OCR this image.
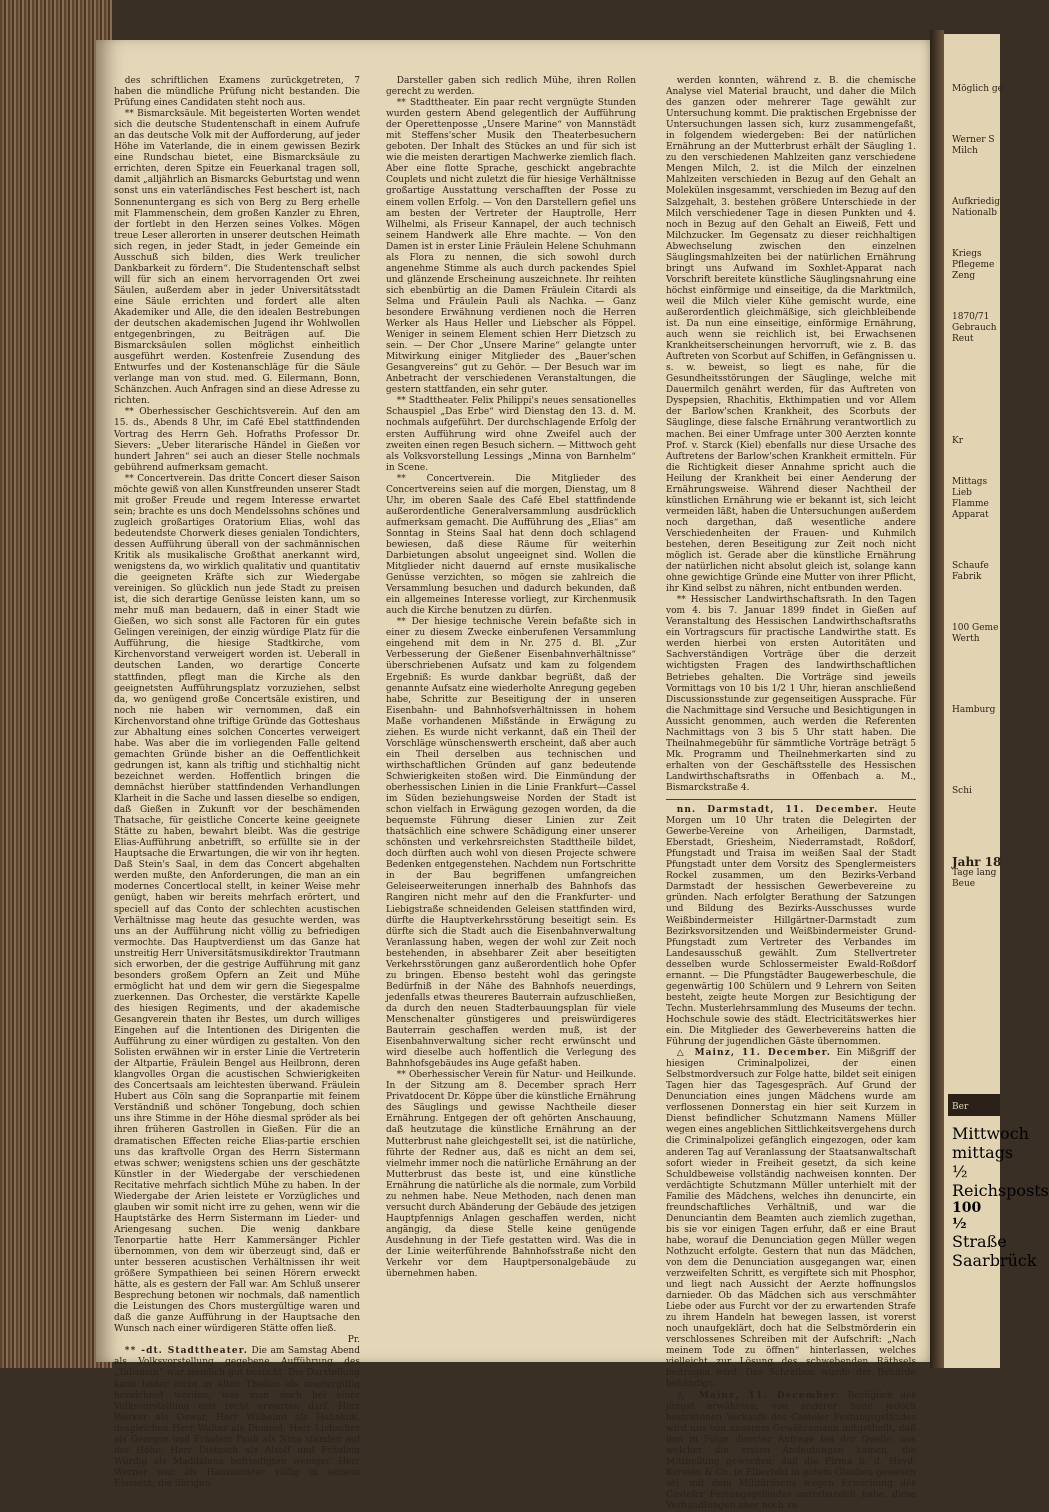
des schriftlichen Examens zurückgetreten, 7 haben die mündliche Prüfung nicht bestanden. Die Prüfung eines Candidaten steht noch aus.

** Bismarcksäule. Mit begeisterten Worten wendet sich die deutsche Studentenschaft in einem Aufrufe an das deutsche Volk mit der Aufforderung, auf jeder Höhe im Vaterlande, die in einem gewissen Bezirk eine Rundschau bietet, eine Bismarcksäule zu errichten, deren Spitze ein Feuerkanal tragen soll, damit „alljährlich an Bismarcks Geburtstag und wenn sonst uns ein vaterländisches Fest beschert ist, nach Sonnenuntergang es sich von Berg zu Berg erhelle mit Flammenschein, dem großen Kanzler zu Ehren, der fortlebt in den Herzen seines Volkes. Mögen treue Leser allerorten in unserer deutschen Heimath sich regen, in jeder Stadt, in jeder Gemeinde ein Ausschuß sich bilden, dies Werk treulicher Dankbarkeit zu fördern“. Die Studentenschaft selbst will für sich an einem hervorragenden Ort zwei Säulen, außerdem aber in jeder Universitätsstadt eine Säule errichten und fordert alle alten Akademiker und Alle, die den idealen Bestrebungen der deutschen akademischen Jugend ihr Wohlwollen entgegenbringen, zu Beiträgen auf. Die Bismarcksäulen sollen möglichst einheitlich ausgeführt werden. Kostenfreie Zusendung des Entwurfes und der Kostenanschläge für die Säule verlange man von stud. med. G. Eilermann, Bonn, Schänzchen. Auch Anfragen sind an diese Adresse zu richten.

** Oberhessischer Geschichtsverein. Auf den am 15. ds., Abends 8 Uhr, im Café Ebel stattfindenden Vortrag des Herrn Geh. Hofraths Professor Dr. Sievers: „Ueber literarische Händel in Gießen vor hundert Jahren“ sei auch an dieser Stelle nochmals gebührend aufmerksam gemacht.

** Concertverein. Das dritte Concert dieser Saison möchte gewiß von allen Kunstfreunden unserer Stadt mit großer Freude und regem Interesse erwartet sein; brachte es uns doch Mendelssohns schönes und zugleich großartiges Oratorium Elias, wohl das bedeutendste Chorwerk dieses genialen Tondichters, dessen Aufführung überall von der sachmännischen Kritik als musikalische Großthat anerkannt wird, wenigstens da, wo wirklich qualitativ und quantitativ die geeigneten Kräfte sich zur Wiedergabe vereinigen. So glücklich nun jede Stadt zu preisen ist, die sich derartige Genüsse leisten kann, um so mehr muß man bedauern, daß in einer Stadt wie Gießen, wo sich sonst alle Factoren für ein gutes Gelingen vereinigen, der einzig würdige Platz für die Aufführung, die hiesige Stadtkirche, vom Kirchenvorstand verweigert worden ist. Ueberall in deutschen Landen, wo derartige Concerte stattfinden, pflegt man die Kirche als den geeignetsten Aufführungsplatz vorzuziehen, selbst da, wo genügend große Concertsäle existiren, und noch nie haben wir vernommen, daß ein Kirchenvorstand ohne triftige Gründe das Gotteshaus zur Abhaltung eines solchen Concertes verweigert habe. Was aber die im vorliegenden Falle geltend gemachten Gründe bisher an die Oeffentlichkeit gedrungen ist, kann als triftig und stichhaltig nicht bezeichnet werden. Hoffentlich bringen die demnächst hierüber stattfindenden Verhandlungen Klarheit in die Sache und lassen dieselbe so endigen, daß Gießen in Zukunft vor der beschämenden Thatsache, für geistliche Concerte keine geeignete Stätte zu haben, bewahrt bleibt. Was die gestrige Elias-Aufführung anbetrifft, so erfüllte sie in der Hauptsache die Erwartungen, die wir von ihr hegten. Daß Stein's Saal, in dem das Concert abgehalten werden mußte, den Anforderungen, die man an ein modernes Concertlocal stellt, in keiner Weise mehr genügt, haben wir bereits mehrfach erörtert, und speciell auf das Conto der schlechten acustischen Verhältnisse mag heute das gesuchte werden, was uns an der Aufführung nicht völlig zu befriedigen vermochte. Das Hauptverdienst um das Ganze hat unstreitig Herr Universitätsmusikdirektor Trautmann sich erworben, der die gestrige Aufführung mit ganz besonders großem Opfern an Zeit und Mühe ermöglicht hat und dem wir gern die Siegespalme zuerkennen. Das Orchester, die verstärkte Kapelle des hiesigen Regiments, und der akademische Gesangverein thaten ihr Bestes, um durch williges Eingehen auf die Intentionen des Dirigenten die Aufführung zu einer würdigen zu gestalten. Von den Solisten erwähnen wir in erster Linie die Vertreterin der Altpartie, Fräulein Bengel aus Heilbronn, deren klangvolles Organ die acustischen Schwierigkeiten des Concertsaals am leichtesten überwand. Fräulein Hubert aus Cöln sang die Sopranpartie mit feinem Verständniß und schöner Tongebung, doch schien uns ihre Stimme in der Höhe diesmal spröder als bei ihren früheren Gastrollen in Gießen. Für die an dramatischen Effecten reiche Elias-partie erschien uns das kraftvolle Organ des Herrn Sistermann etwas schwer; wenigstens schien uns der geschätzte Künstler in der Wiedergabe der verschiedenen Recitative mehrfach sichtlich Mühe zu haben. In der Wiedergabe der Arien leistete er Vorzügliches und glauben wir somit nicht irre zu gehen, wenn wir die Hauptstärke des Herrn Sistermann im Lieder- und Ariengesang suchen. Die wenig dankbare Tenorpartie hatte Herr Kammersänger Pichler übernommen, von dem wir überzeugt sind, daß er unter besseren acustischen Verhältnissen ihr weit größere Sympathieen bei seinen Hörern erweckt hätte, als es gestern der Fall war. Am Schluß unserer Besprechung betonen wir nochmals, daß namentlich die Leistungen des Chors mustergültige waren und daß die ganze Aufführung in der Hauptsache den Wunsch nach einer würdigeren Stätte offen ließ.

Pr.

** -dt. Stadttheater. Die am Samstag Abend als Volksvorstellung gegebene Aufführung des „Talisman“ war ziemlich gut besucht. Die Darstellung kann leider nicht in allen Theilen als mustergiltig bezeichnet werden, was man doch bei einer Volksvorstellung erst recht erwarten darf. Herr Werker als Oswar, Herr Wilhelmi als Habakuk, desgleichen Herr Walter als Diomed, Herr Liebscher als Georgos und Fräulein Pauli als Nina standen auf der Höhe, Herr Dietzsch als Alsolf und Fräulein Würdig als Maddalena befriedigten weniger. Herr Werner war als Hausmeister völlig in seinem Element; die übrigen

Darsteller gaben sich redlich Mühe, ihren Rollen gerecht zu werden.

** Stadttheater. Ein paar recht vergnügte Stunden wurden gestern Abend gelegentlich der Aufführung der Operettenposse „Unsere Marine“ von Mannstädt mit Steffens'scher Musik den Theaterbesuchern geboten. Der Inhalt des Stückes an und für sich ist wie die meisten derartigen Machwerke ziemlich flach. Aber eine flotte Sprache, geschickt angebrachte Couplets und nicht zuletzt die für hiesige Verhältnisse großartige Ausstattung verschafften der Posse zu einem vollen Erfolg. — Von den Darstellern gefiel uns am besten der Vertreter der Hauptrolle, Herr Wilhelmi, als Friseur Kannapel, der auch technisch seinem Handwerk alle Ehre machte. — Von den Damen ist in erster Linie Fräulein Helene Schuhmann als Flora zu nennen, die sich sowohl durch angenehme Stimme als auch durch packendes Spiel und glänzende Erscheinung auszeichnete. Ihr reihten sich ebenbürtig an die Damen Fräulein Citardi als Selma und Fräulein Pauli als Nachka. — Ganz besondere Erwähnung verdienen noch die Herren Werker als Haus Heller und Liebscher als Föppel. Weniger in seinem Element schien Herr Dietzsch zu sein. — Der Chor „Unsere Marine“ gelangte unter Mitwirkung einiger Mitglieder des „Bauer'schen Gesangvereins“ gut zu Gehör. — Der Besuch war im Anbetracht der verschiedenen Veranstaltungen, die gestern stattfanden, ein sehr guter.

** Stadttheater. Felix Philippi's neues sensationelles Schauspiel „Das Erbe“ wird Dienstag den 13. d. M. nochmals aufgeführt. Der durchschlagende Erfolg der ersten Aufführung wird ohne Zweifel auch der zweiten einen regen Besuch sichern. — Mittwoch geht als Volksvorstellung Lessings „Minna von Barnhelm“ in Scene.

** Concertverein. Die Mitglieder des Concertvereins seien auf die morgen, Dienstag, um 8 Uhr, im oberen Saale des Café Ebel stattfindende außerordentliche Generalversammlung ausdrücklich aufmerksam gemacht. Die Aufführung des „Elias“ am Sonntag in Steins Saal hat denn doch schlagend bewiesen, daß diese Räume für weiterhin Darbietungen absolut ungeeignet sind. Wollen die Mitglieder nicht dauernd auf ernste musikalische Genüsse verzichten, so mögen sie zahlreich die Versammlung besuchen und dadurch bekunden, daß ein allgemeines Interesse vorliegt, zur Kirchenmusik auch die Kirche benutzen zu dürfen.

** Der hiesige technische Verein befaßte sich in einer zu diesem Zwecke einberufenen Versammlung eingehend mit dem in Nr. 275 d. Bl. „Zur Verbesserung der Gießener Eisenbahnverhältnisse“ überschriebenen Aufsatz und kam zu folgendem Ergebniß: Es wurde dankbar begrüßt, daß der genannte Aufsatz eine wiederholte Anregung gegeben habe, Schritte zur Beseitigung der in unseren Eisenbahn- und Bahnhofsverhältnissen in hohem Maße vorhandenen Mißstände in Erwägung zu ziehen. Es wurde nicht verkannt, daß ein Theil der Vorschläge wünschenswerth erscheint, daß aber auch ein Theil derselben aus technischen und wirthschaftlichen Gründen auf ganz bedeutende Schwierigkeiten stoßen wird. Die Einmündung der oberhessischen Linien in die Linie Frankfurt—Cassel im Süden beziehungsweise Norden der Stadt ist schon vielfach in Erwägung gezogen worden, da die bequemste Führung dieser Linien zur Zeit thatsächlich eine schwere Schädigung einer unserer schönsten und verkehrsreichsten Stadttheile bildet, doch dürften auch wohl von diesen Projecte schwere Bedenken entgegenstehen. Nachdem nun Fortschritte in der Bau begriffenen umfangreichen Geleiseerweiterungen innerhalb des Bahnhofs das Rangiren nicht mehr auf den die Frankfurter- und Liebigstraße schneidenden Geleisen stattfinden wird, dürfte die Hauptverkehrsstörung beseitigt sein. Es dürfte sich die Stadt auch die Eisenbahnverwaltung Veranlassung haben, wegen der wohl zur Zeit noch bestehenden, in absehbarer Zeit aber beseitigten Verkehrsstörungen ganz außerordentlich hohe Opfer zu bringen. Ebenso besteht wohl das geringste Bedürfniß in der Nähe des Bahnhofs neuerdings, jedenfalls etwas theureres Bauterrain aufzuschließen, da durch den neuen Stadterbauungsplan für viele Menschenalter günstigeres und preiswürdigeres Bauterrain geschaffen werden muß, ist der Eisenbahnverwaltung sicher recht erwünscht und wird dieselbe auch hoffentlich die Verlegung des Bahnhofsgebäudes ins Auge gefaßt haben.

** Oberhessischer Verein für Natur- und Heilkunde. In der Sitzung am 8. December sprach Herr Privatdocent Dr. Köppe über die künstliche Ernährung des Säuglings und gewisse Nachtheile dieser Ernährung. Entgegen der oft gehörten Anschauung, daß heutzutage die künstliche Ernährung an der Mutterbrust nahe gleichgestellt sei, ist die natürliche, führte der Redner aus, daß es nicht an dem sei, vielmehr immer noch die natürliche Ernährung an der Mutterbrust das beste ist, und eine künstliche Ernährung die natürliche als die normale, zum Vorbild zu nehmen habe. Neue Methoden, nach denen man versucht durch Abänderung der Gebäude des jetzigen Hauptpfennigs Anlagen geschaffen werden, nicht angängig, da diese Stelle keine genügende Ausdehnung in der Tiefe gestatten wird. Was die in der Linie weiterführende Bahnhofsstraße nicht den Verkehr vor dem Hauptpersonalgebäude zu übernehmen haben.

werden konnten, während z. B. die chemische Analyse viel Material braucht, und daher die Milch des ganzen oder mehrerer Tage gewählt zur Untersuchung kommt. Die praktischen Ergebnisse der Untersuchungen lassen sich, kurz zusammengefaßt, in folgendem wiedergeben: Bei der natürlichen Ernährung an der Mutterbrust erhält der Säugling 1. zu den verschiedenen Mahlzeiten ganz verschiedene Mengen Milch, 2. ist die Milch der einzelnen Mahlzeiten verschieden in Bezug auf den Gehalt an Molekülen insgesammt, verschieden im Bezug auf den Salzgehalt, 3. bestehen größere Unterschiede in der Milch verschiedener Tage in diesen Punkten und 4. noch in Bezug auf den Gehalt an Eiweiß, Fett und Milchzucker. Im Gegensatz zu dieser reichhaltigen Abwechselung zwischen den einzelnen Säuglingsmahlzeiten bei der natürlichen Ernährung bringt uns Aufwand im Soxhlet-Apparat nach Vorschrift bereitete künstliche Säuglingsnahrung eine höchst einförmige und einseitige, da die Marktmilch, weil die Milch vieler Kühe gemischt wurde, eine außerordentlich gleichmäßige, sich gleichbleibende ist. Da nun eine einseitige, einförmige Ernährung, auch wenn sie reichlich ist, bei Erwachsenen Krankheitserscheinungen hervorruft, wie z. B. das Auftreten von Scorbut auf Schiffen, in Gefängnissen u. s. w. beweist, so liegt es nahe, für die Gesundheitsstörungen der Säuglinge, welche mit Dauermilch genährt werden, für das Auftreten von Dyspepsien, Rhachitis, Ekthimpatien und vor Allem der Barlow'schen Krankheit, des Scorbuts der Säuglinge, diese falsche Ernährung verantwortlich zu machen. Bei einer Umfrage unter 300 Aerzten konnte Prof. v. Starck (Kiel) ebenfalls nur diese Ursache des Auftretens der Barlow'schen Krankheit ermitteln. Für die Richtigkeit dieser Annahme spricht auch die Heilung der Krankheit bei einer Aenderung der Ernährungsweise. Während dieser Nachtheil der künstlichen Ernährung wie er bekannt ist, sich leicht vermeiden läßt, haben die Untersuchungen außerdem noch dargethan, daß wesentliche andere Verschiedenheiten der Frauen- und Kuhmilch bestehen, deren Beseitigung zur Zeit noch nicht möglich ist. Gerade aber die künstliche Ernährung der natürlichen nicht absolut gleich ist, solange kann ohne gewichtige Gründe eine Mutter von ihrer Pflicht, ihr Kind selbst zu nähren, nicht entbunden werden.

** Hessischer Landwirthschaftsrath. In den Tagen vom 4. bis 7. Januar 1899 findet in Gießen auf Veranstaltung des Hessischen Landwirthschaftsraths ein Vortragscurs für practische Landwirthe statt. Es werden hierbei von ersten Autoritäten und Sachverständigen Vorträge über die derzeit wichtigsten Fragen des landwirthschaftlichen Betriebes gehalten. Die Vorträge sind jeweils Vormittags von 10 bis 1/2 1 Uhr, hieran anschließend Discussionsstunde zur gegenseitigen Aussprache. Für die Nachmittage sind Versuche und Besichtigungen in Aussicht genommen, auch werden die Referenten Nachmittags von 3 bis 5 Uhr statt haben. Die Theilnahmegebühr für sämmtliche Vorträge beträgt 5 Mk. Programm und Theilnehmerkarten sind zu erhalten von der Geschäftsstelle des Hessischen Landwirthschaftsraths in Offenbach a. M., Bismarckstraße 4.

nn. Darmstadt, 11. December. Heute Morgen um 10 Uhr traten die Delegirten der Gewerbe-Vereine von Arheiligen, Darmstadt, Eberstadt, Griesheim, Niederramstadt, Roßdorf, Pfungstadt und Traisa im weißen Saal der Stadt Pfungstadt unter dem Vorsitz des Spenglermeisters Rockel zusammen, um den Bezirks-Verband Darmstadt der hessischen Gewerbevereine zu gründen. Nach erfolgter Berathung der Satzungen und Bildung des Bezirks-Ausschusses wurde Weißbindermeister Hillgärtner-Darmstadt zum Bezirksvorsitzenden und Weißbindermeister Grund-Pfungstadt zum Vertreter des Verbandes im Landesausschuß gewählt. Zum Stellvertreter desselben wurde Schlossermeister Ewald-Roßdorf ernannt. — Die Pfungstädter Baugewerbeschule, die gegenwärtig 100 Schülern und 9 Lehrern von Seiten besteht, zeigte heute Morgen zur Besichtigung der Techn. Musterlehrsammlung des Museums der techn. Hochschule sowie des städt. Electricitätswerkes hier ein. Die Mitglieder des Gewerbevereins hatten die Führung der jugendlichen Gäste übernommen.

△ Mainz, 11. December. Ein Mißgriff der hiesigen Criminalpolizei, der einen Selbstmordversuch zur Folge hatte, bildet seit einigen Tagen hier das Tagesgespräch. Auf Grund der Denunciation eines jungen Mädchens wurde am verflossenen Donnerstag ein hier seit Kurzem in Dienst befindlicher Schutzmann Namens Müller wegen eines angeblichen Sittlichkeitsvergehens durch die Criminalpolizei gefänglich eingezogen, oder kam anderen Tag auf Veranlassung der Staatsanwaltschaft sofort wieder in Freiheit gesetzt, da sich keine Schuldbeweise vollständig nachweisen konnten. Der verdächtigte Schutzmann Müller unterhielt mit der Familie des Mädchens, welches ihn denuncirte, ein freundschaftliches Verhältniß, und war die Denunciantin dem Beamten auch ziemlich zugethan, bis sie vor einigen Tagen erfuhr, daß er eine Braut habe, worauf die Denunciation gegen Müller wegen Nothzucht erfolgte. Gestern that nun das Mädchen, von dem die Denunciation ausgegangen war, einen verzweifelten Schritt, es vergiftete sich mit Phosphor, und liegt nach Aussicht der Aerzte hoffnungslos darnieder. Ob das Mädchen sich aus verschmähter Liebe oder aus Furcht vor der zu erwartenden Strafe zu ihrem Handeln hat bewegen lassen, ist vorerst noch unaufgeklärt, doch hat die Selbstmörderin ein verschlossenes Schreiben mit der Aufschrift: „Nach meinem Tode zu öffnen“ hinterlassen, welches vielleicht zur Lösung des schwebenden Räthsels beitragen wird. Das Schreiben wurde der Behörde behändigt.

△ Mainz, 11. December. Bezüglich des jüngst erwähnten, von anderer Seite jedoch bestrittenen Verkaufs des Casteler Festungsgeländes wird uns von unserem Gewährsmann mitgetheilt, daß ihm in Folge directer Anfrage bei der Quelle, aus welcher die ersten Andeutungen kamen, die Mittheilung geworden, daß die Firma b. d. Heyd, Kersten & Co. in Elberfeld in gutem Glauben gewesen sei, mit dem Militärfiscus wegen Erwerbung des Casteler Festungsgeländes unterhandelt habe, diese Verhandlungen aber noch zu

Möglich ge
Werner S
Milch
Aufkriedig
Nationalb
Kriegs
Pflegeme
Zeng
1870/71
Gebrauch
Reut
Kr
Mittags
Lieb
Flamme
Apparat
Schaufe
Fabrik
100 Geme
Werth
Hamburg
Schi
Jahr 18
Tage lang
Beue
Ber
Mittwoch
mittags ½
Reichsposts
100 ½
Straße
Saarbrück
